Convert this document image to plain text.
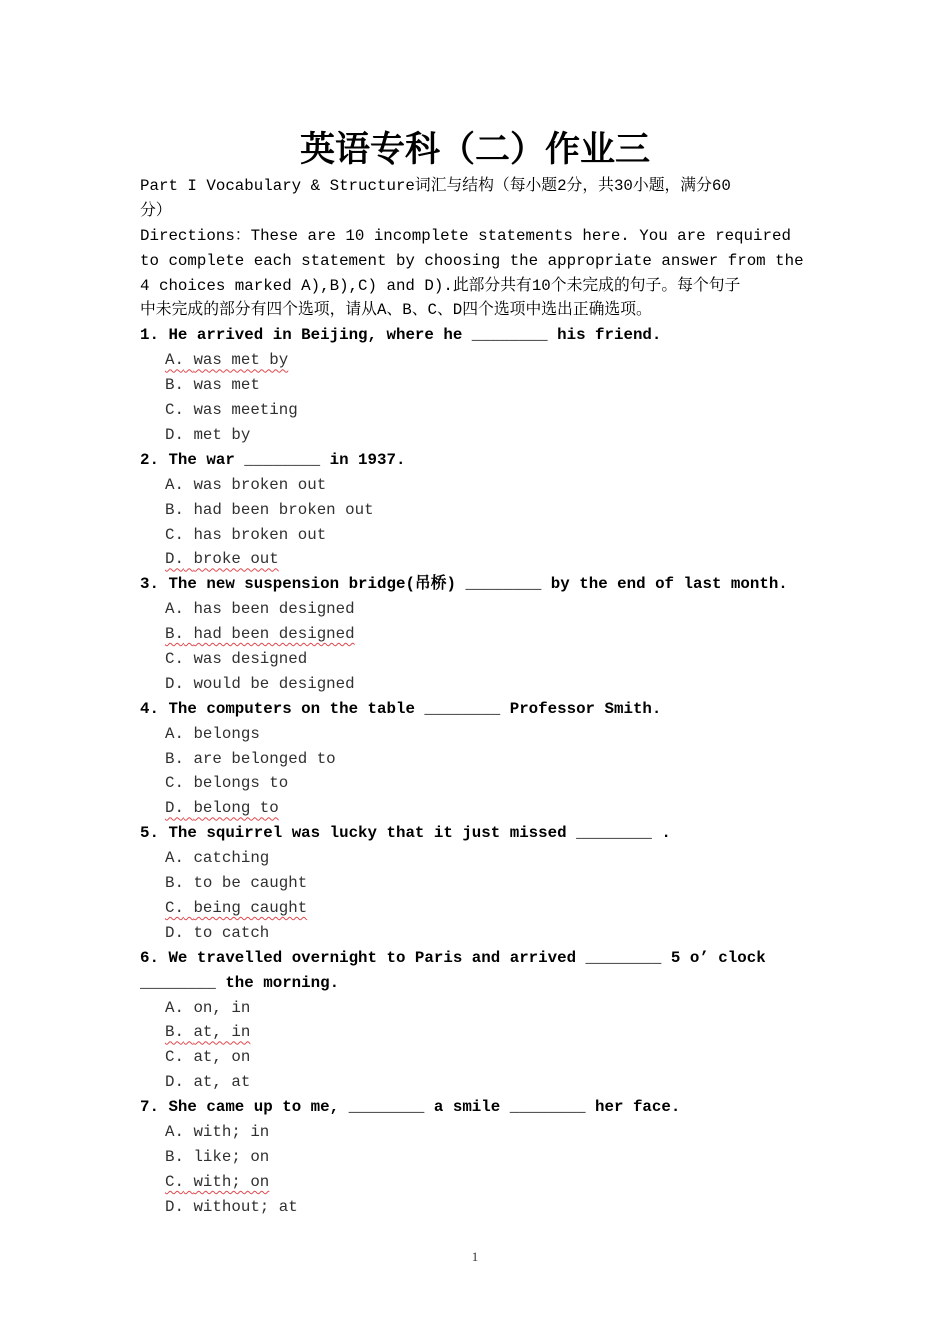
英语专科（二）作业三
Part I Vocabulary & Structure词汇与结构（每小题2分，共30小题，满分60
分）
Directions：These are 10 incomplete statements here. You are required
to complete each statement by choosing the appropriate answer from the
4 choices marked A),B),C) and D).此部分共有10个未完成的句子。每个句子
中未完成的部分有四个选项，请从A、B、C、D四个选项中选出正确选项。
1. He arrived in Beijing, where he ________ his friend.
A. was met by
B. was met
C. was meeting
D. met by
2. The war ________ in 1937.
A. was broken out
B. had been broken out
C. has broken out
D. broke out
3. The new suspension bridge(吊桥) ________ by the end of last month.
A. has been designed
B. had been designed
C. was designed
D. would be designed
4. The computers on the table ________ Professor Smith.
A. belongs
B. are belonged to
C. belongs to
D. belong to
5. The squirrel was lucky that it just missed ________ .
A. catching
B. to be caught
C. being caught
D. to catch
6. We travelled overnight to Paris and arrived ________ 5 o’ clock ________ the morning.
A. on, in
B. at, in
C. at, on
D. at, at
7. She came up to me, ________ a smile ________ her face.
A. with; in
B. like; on
C. with; on
D. without; at
1
